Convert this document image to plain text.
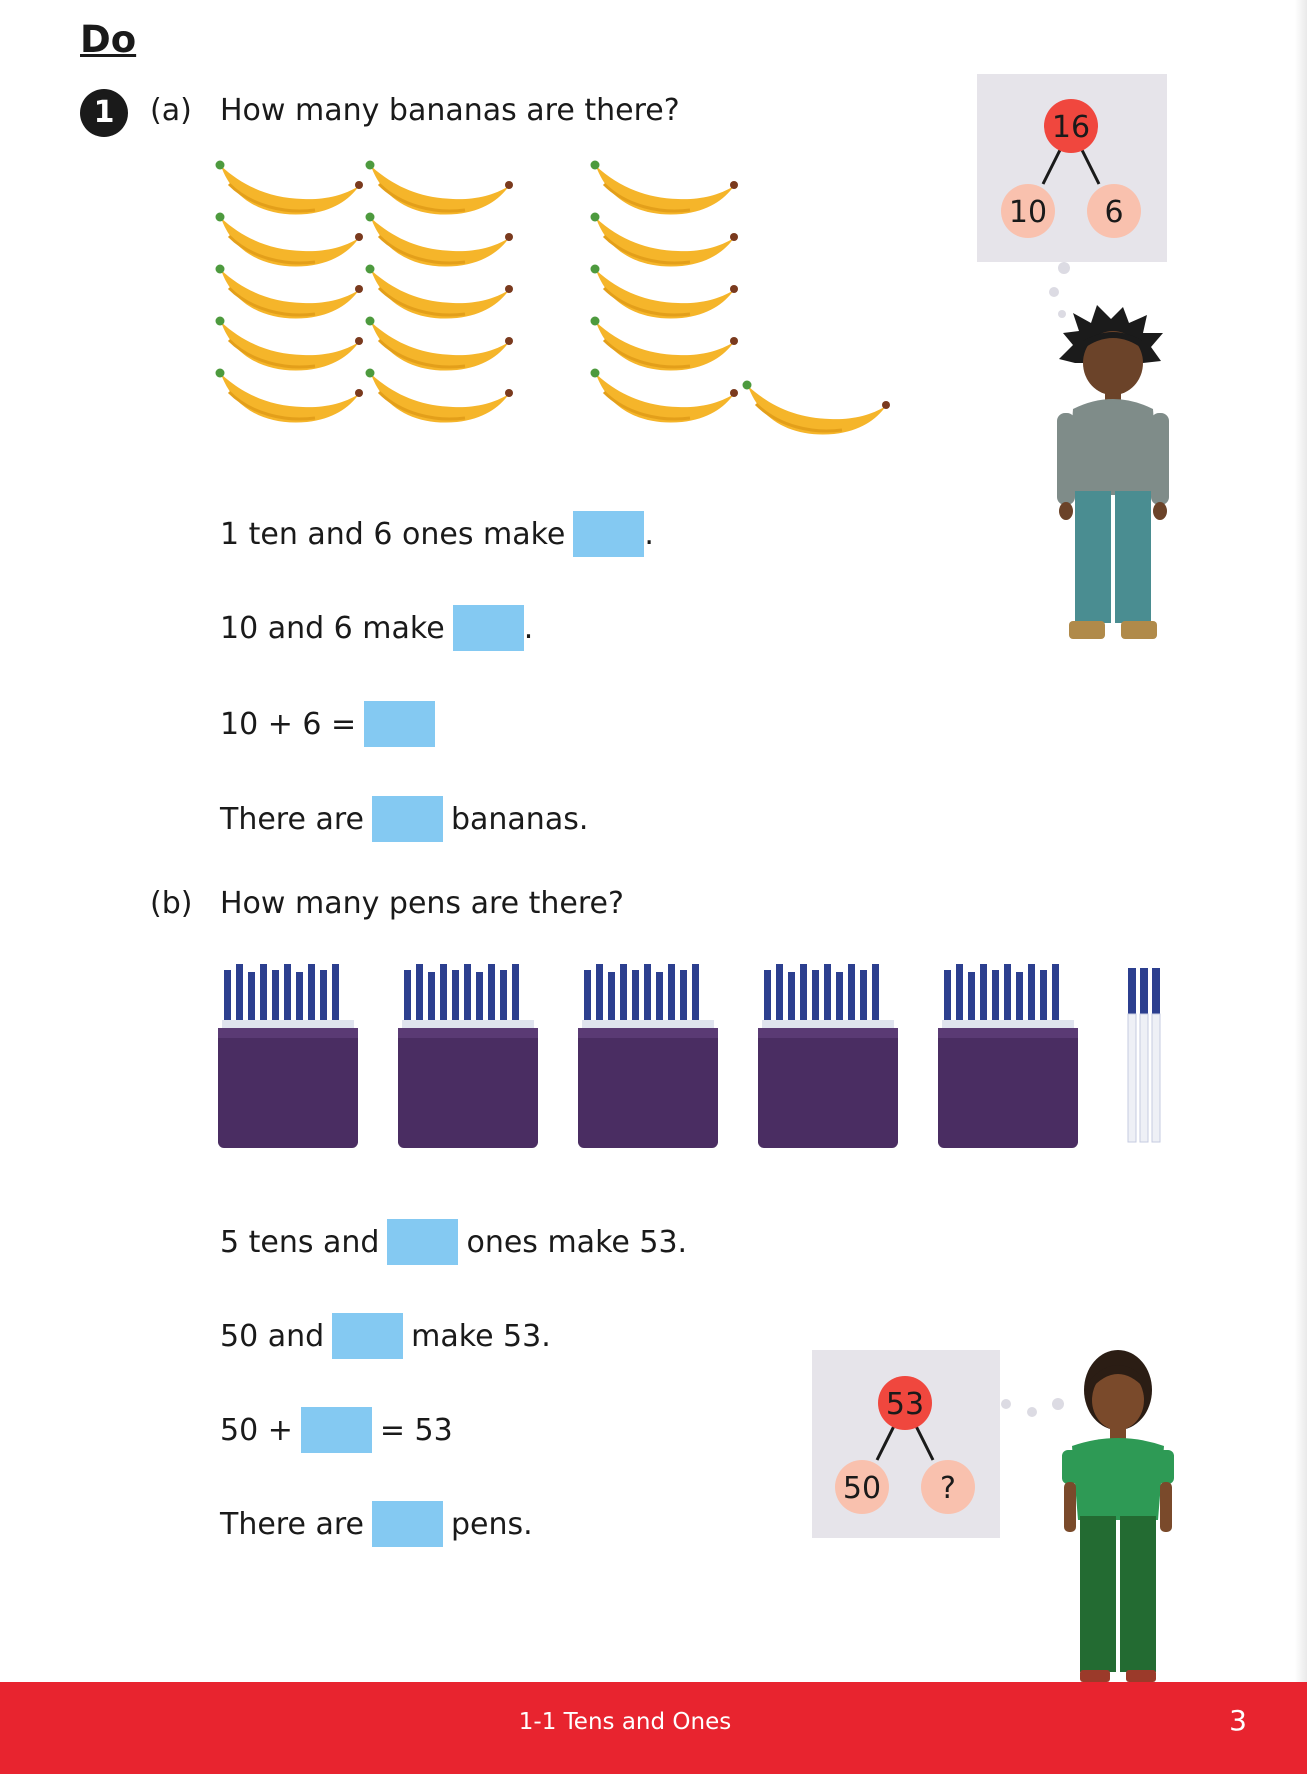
Do
1	(a) How many bananas are there?
1 ten and 6 ones make	.
10 and 6 make	.
10 + 6 =
There are	bananas.
16
10 6
(b) How many pens are there?
5 tens and	ones make 53.
50 and	make 53.
50 +	= 53
There are	pens.
53
50 ?
1-1 Tens and Ones	3
